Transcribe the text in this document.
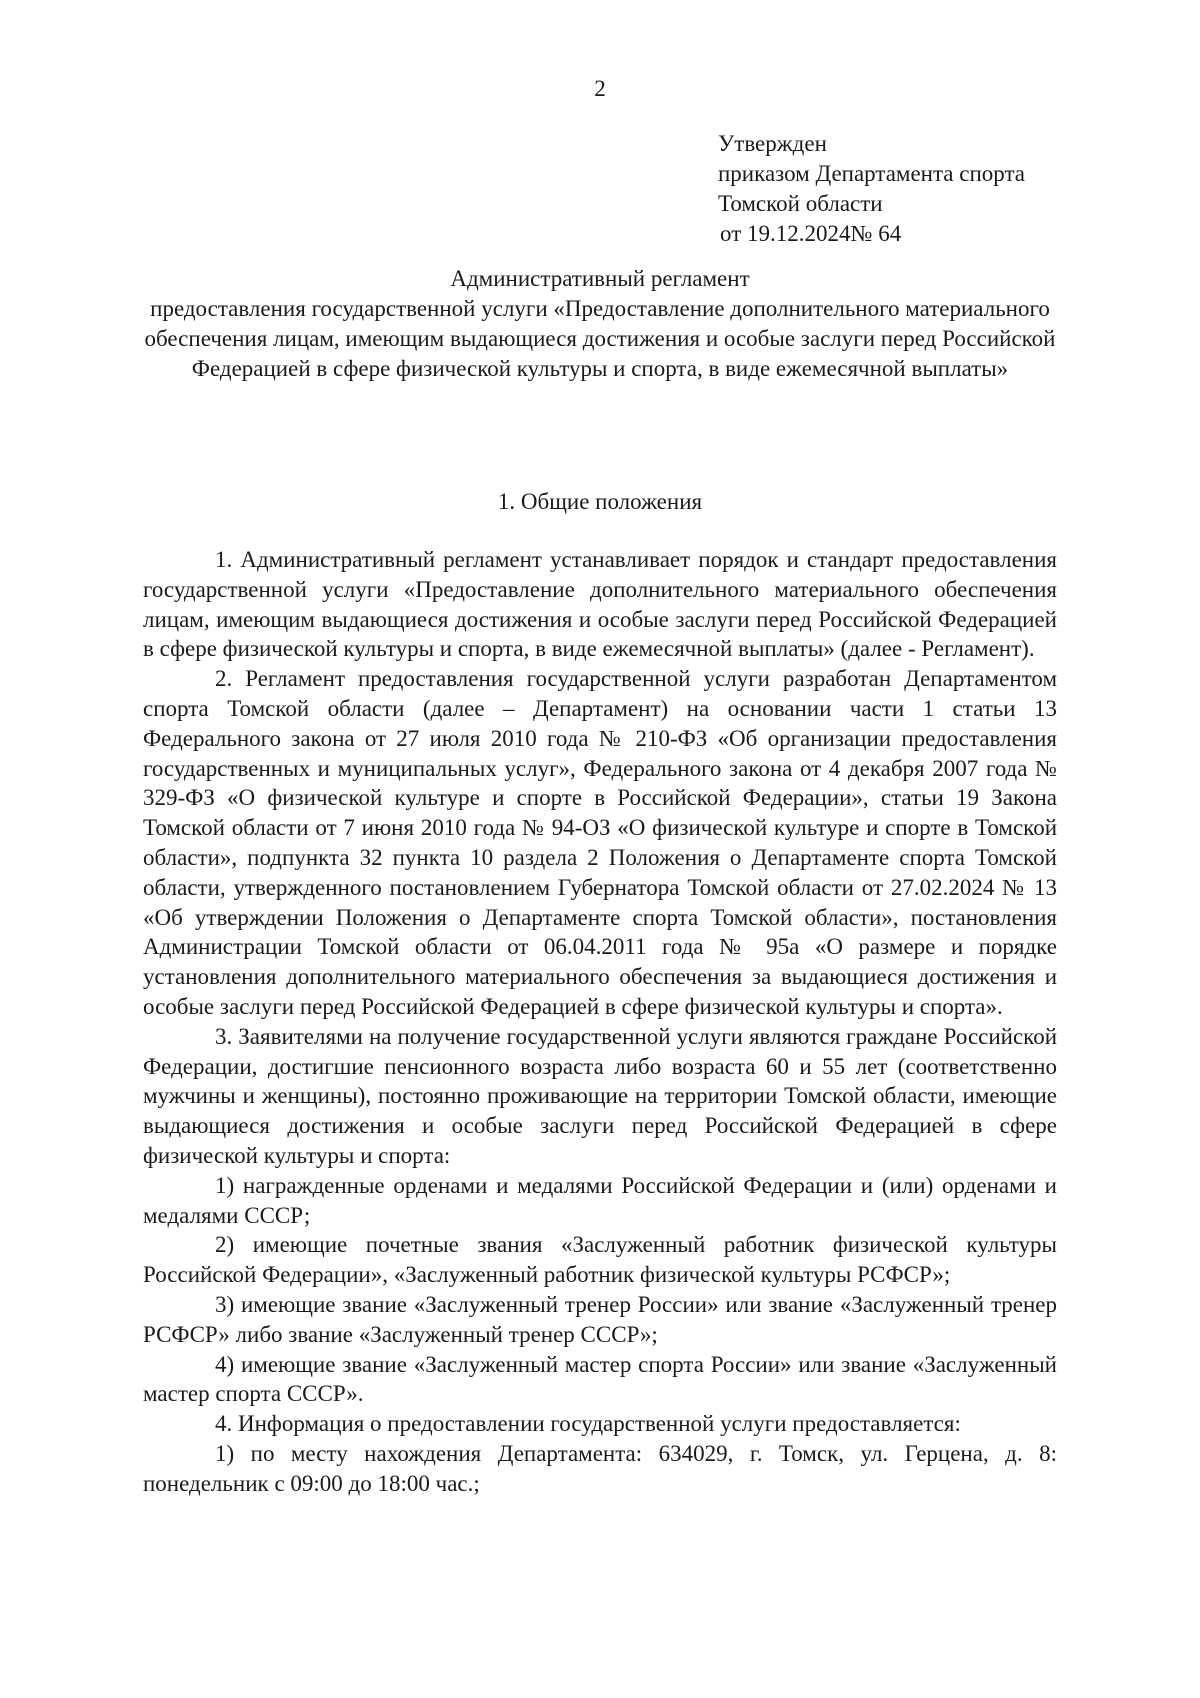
2
Утвержден
приказом Департамента спорта
Томской области
от 19.12.2024№ 64
Административный регламент
предоставления государственной услуги «Предоставление дополнительного материального обеспечения лицам, имеющим выдающиеся достижения и особые заслуги перед Российской Федерацией в сфере физической культуры и спорта, в виде ежемесячной выплаты»
1. Общие положения

1. Административный регламент устанавливает порядок и стандарт предоставления государственной услуги «Предоставление дополнительного материального обеспечения лицам, имеющим выдающиеся достижения и особые заслуги перед Российской Федерацией в сфере физической культуры и спорта, в виде ежемесячной выплаты» (далее - Регламент).

2. Регламент предоставления государственной услуги разработан Департаментом спорта Томской области (далее – Департамент) на основании части 1 статьи 13 Федерального закона от 27 июля 2010 года № 210-ФЗ «Об организации предоставления государственных и муниципальных услуг», Федерального закона от 4 декабря 2007 года № 329-ФЗ «О физической культуре и спорте в Российской Федерации», статьи 19 Закона Томской области от 7 июня 2010 года № 94-ОЗ «О физической культуре и спорте в Томской области», подпункта 32 пункта 10 раздела 2 Положения о Департаменте спорта Томской области, утвержденного постановлением Губернатора Томской области от 27.02.2024 № 13 «Об утверждении Положения о Департаменте спорта Томской области», постановления Администрации Томской области от 06.04.2011 года № 95а «О размере и порядке установления дополнительного материального обеспечения за выдающиеся достижения и особые заслуги перед Российской Федерацией в сфере физической культуры и спорта».

3. Заявителями на получение государственной услуги являются граждане Российской Федерации, достигшие пенсионного возраста либо возраста 60 и 55 лет (соответственно мужчины и женщины), постоянно проживающие на территории Томской области, имеющие выдающиеся достижения и особые заслуги перед Российской Федерацией в сфере физической культуры и спорта:

1) награжденные орденами и медалями Российской Федерации и (или) орденами и медалями СССР;

2) имеющие почетные звания «Заслуженный работник физической культуры Российской Федерации», «Заслуженный работник физической культуры РСФСР»;

3) имеющие звание «Заслуженный тренер России» или звание «Заслуженный тренер РСФСР» либо звание «Заслуженный тренер СССР»;

4) имеющие звание «Заслуженный мастер спорта России» или звание «Заслуженный мастер спорта СССР».

4. Информация о предоставлении государственной услуги предоставляется:

1) по месту нахождения Департамента: 634029, г. Томск, ул. Герцена, д. 8: понедельник с 09:00 до 18:00 час.;
